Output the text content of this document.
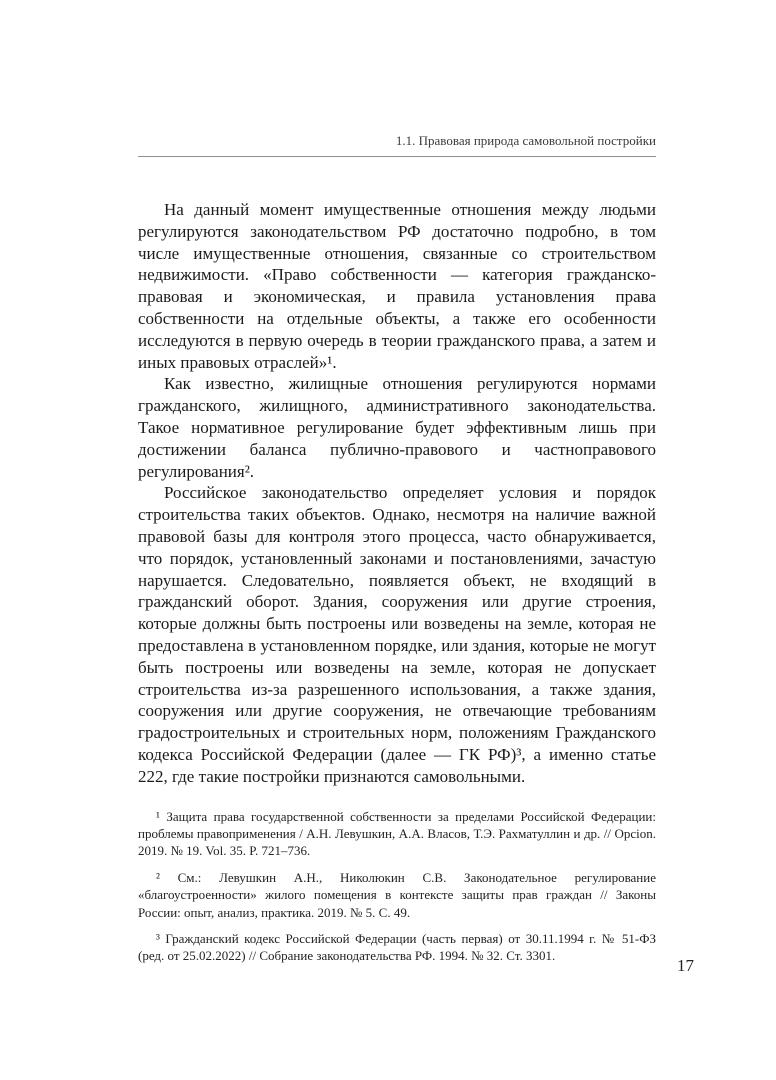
1.1. Правовая природа самовольной постройки

На данный момент имущественные отношения между людьми регулируются законодательством РФ достаточно подробно, в том числе имущественные отношения, связанные со строительством недвижимости. «Право собственности — категория гражданско-правовая и экономическая, и правила установления права собственности на отдельные объекты, а также его особенности исследуются в первую очередь в теории гражданского права, а затем и иных правовых отраслей»¹.

Как известно, жилищные отношения регулируются нормами гражданского, жилищного, административного законодательства. Такое нормативное регулирование будет эффективным лишь при достижении баланса публично-правового и частноправового регулирования².

Российское законодательство определяет условия и порядок строительства таких объектов. Однако, несмотря на наличие важной правовой базы для контроля этого процесса, часто обнаруживается, что порядок, установленный законами и постановлениями, зачастую нарушается. Следовательно, появляется объект, не входящий в гражданский оборот. Здания, сооружения или другие строения, которые должны быть построены или возведены на земле, которая не предоставлена в установленном порядке, или здания, которые не могут быть построены или возведены на земле, которая не допускает строительства из-за разрешенного использования, а также здания, сооружения или другие сооружения, не отвечающие требованиям градостроительных и строительных норм, положениям Гражданского кодекса Российской Федерации (далее — ГК РФ)³, а именно статье 222, где такие постройки признаются самовольными.

¹ Защита права государственной собственности за пределами Российской Федерации: проблемы правоприменения / А.Н. Левушкин, А.А. Власов, Т.Э. Рахматуллин и др. // Opcion. 2019. № 19. Vol. 35. P. 721–736.

² См.: Левушкин А.Н., Николюкин С.В. Законодательное регулирование «благоустроенности» жилого помещения в контексте защиты прав граждан // Законы России: опыт, анализ, практика. 2019. № 5. С. 49.

³ Гражданский кодекс Российской Федерации (часть первая) от 30.11.1994 г. № 51-ФЗ (ред. от 25.02.2022) // Собрание законодательства РФ. 1994. № 32. Ст. 3301.

17
